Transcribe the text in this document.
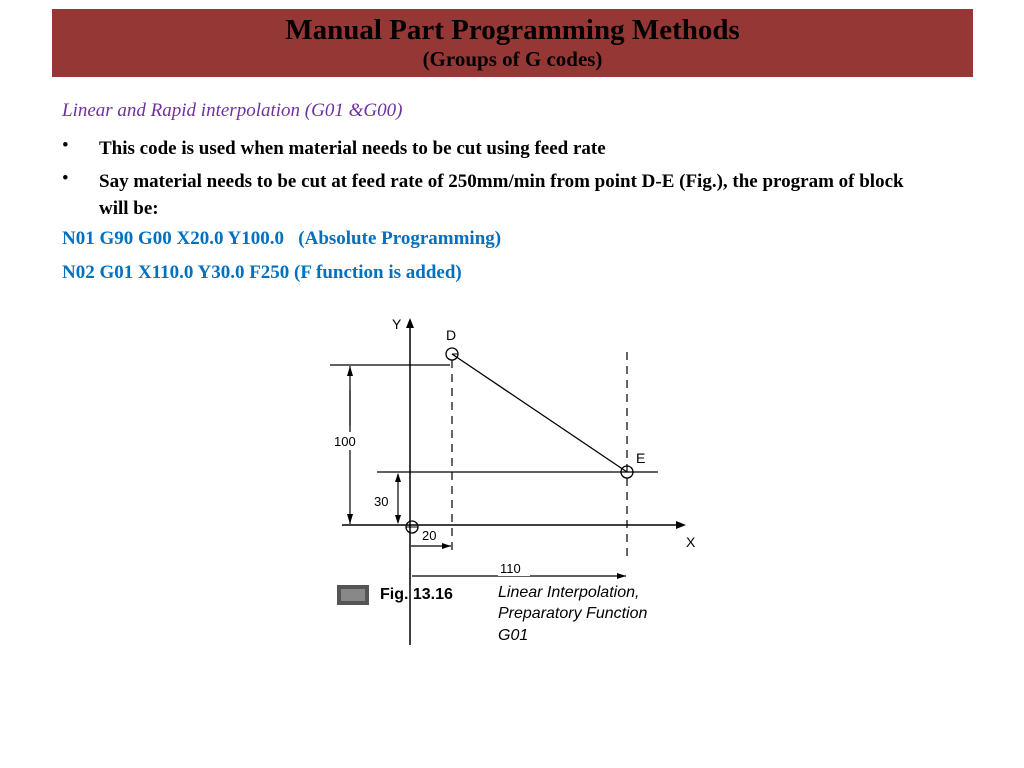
Manual Part Programming Methods
(Groups of G codes)
Linear and Rapid interpolation (G01 &G00)
• This code is used when material needs to be cut using feed rate
• Say material needs to be cut at feed rate of 250mm/min from point D-E (Fig.), the program of block will be:
N01 G90 G00 X20.0 Y100.0   (Absolute Programming)
N02 G01 X110.0 Y30.0 F250 (F function is added)
100
30
20
110
Y
X
D
E
Fig. 13.16	Linear Interpolation,
Preparatory Function
G01
